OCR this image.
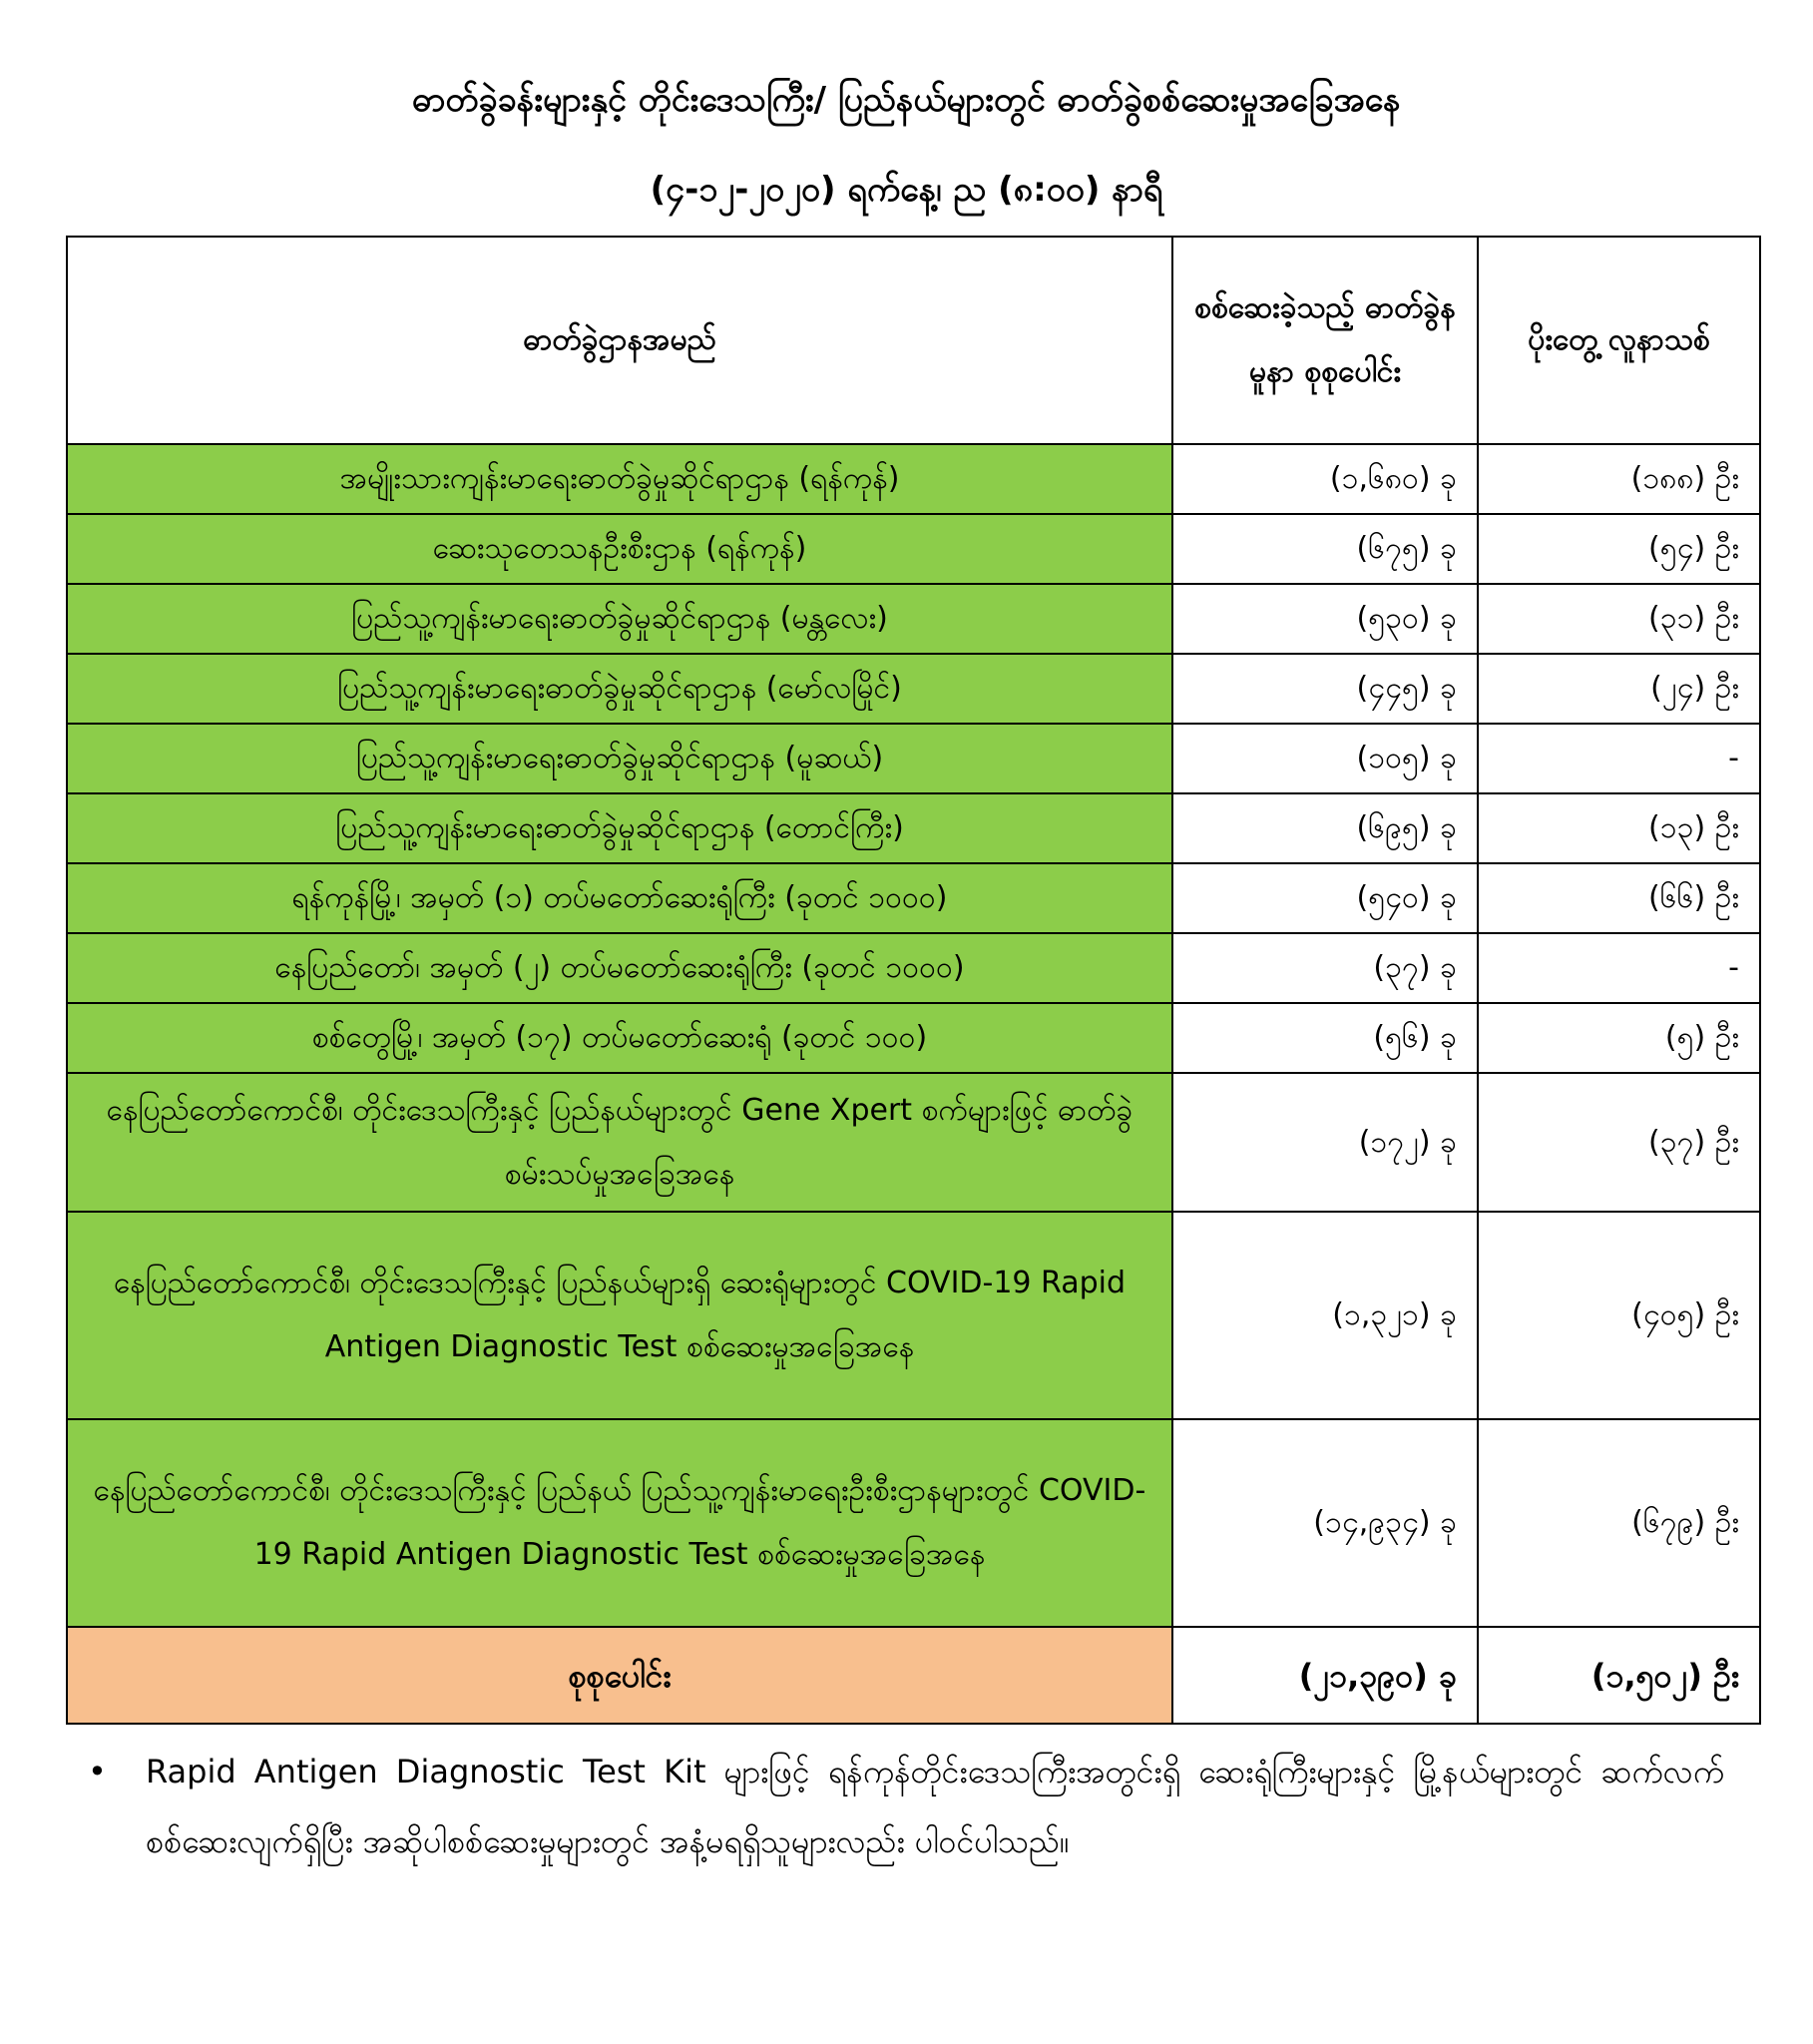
ဓာတ်ခွဲခန်းများနှင့် တိုင်းဒေသကြီး/ ပြည်နယ်များတွင် ဓာတ်ခွဲစစ်ဆေးမှုအခြေအနေ
(၄-၁၂-၂၀၂၀) ရက်နေ့၊ ည (၈:၀၀) နာရီ
ဓာတ်ခွဲဌာနအမည်	စစ်ဆေးခဲ့သည့် ဓာတ်ခွဲနမူနာ စုစုပေါင်း	ပိုးတွေ့ လူနာသစ်
အမျိုးသားကျန်းမာရေးဓာတ်ခွဲမှုဆိုင်ရာဌာန (ရန်ကုန်)	(၁,၆၈၀) ခု	(၁၈၈) ဦး
ဆေးသုတေသနဦးစီးဌာန (ရန်ကုန်)	(၆၇၅) ခု	(၅၄) ဦး
ပြည်သူ့ကျန်းမာရေးဓာတ်ခွဲမှုဆိုင်ရာဌာန (မန္တလေး)	(၅၃၀) ခု	(၃၁) ဦး
ပြည်သူ့ကျန်းမာရေးဓာတ်ခွဲမှုဆိုင်ရာဌာန (မော်လမြိုင်)	(၄၄၅) ခု	(၂၄) ဦး
ပြည်သူ့ကျန်းမာရေးဓာတ်ခွဲမှုဆိုင်ရာဌာန (မူဆယ်)	(၁၀၅) ခု	-
ပြည်သူ့ကျန်းမာရေးဓာတ်ခွဲမှုဆိုင်ရာဌာန (တောင်ကြီး)	(၆၉၅) ခု	(၁၃) ဦး
ရန်ကုန်မြို့၊ အမှတ် (၁) တပ်မတော်ဆေးရုံကြီး (ခုတင် ၁၀၀၀)	(၅၄၀) ခု	(၆၆) ဦး
နေပြည်တော်၊ အမှတ် (၂) တပ်မတော်ဆေးရုံကြီး (ခုတင် ၁၀၀၀)	(၃၇) ခု	-
စစ်တွေမြို့၊ အမှတ် (၁၇) တပ်မတော်ဆေးရုံ (ခုတင် ၁၀၀)	(၅၆) ခု	(၅) ဦး
နေပြည်တော်ကောင်စီ၊ တိုင်းဒေသကြီးနှင့် ပြည်နယ်များတွင် Gene Xpert စက်များဖြင့် ဓာတ်ခွဲစမ်းသပ်မှုအခြေအနေ	(၁၇၂) ခု	(၃၇) ဦး
နေပြည်တော်ကောင်စီ၊ တိုင်းဒေသကြီးနှင့် ပြည်နယ်များရှိ ဆေးရုံများတွင် COVID-19 Rapid Antigen Diagnostic Test စစ်ဆေးမှုအခြေအနေ	(၁,၃၂၁) ခု	(၄၀၅) ဦး
နေပြည်တော်ကောင်စီ၊ တိုင်းဒေသကြီးနှင့် ပြည်နယ် ပြည်သူ့ကျန်းမာရေးဦးစီးဌာနများတွင် COVID-19 Rapid Antigen Diagnostic Test စစ်ဆေးမှုအခြေအနေ	(၁၄,၉၃၄) ခု	(၆၇၉) ဦး
စုစုပေါင်း	(၂၁,၃၉၀) ခု	(၁,၅၀၂) ဦး
• Rapid Antigen Diagnostic Test Kit များဖြင့် ရန်ကုန်တိုင်းဒေသကြီးအတွင်းရှိ ဆေးရုံကြီးများနှင့် မြို့နယ်များတွင် ဆက်လက်စစ်ဆေးလျက်ရှိပြီး အဆိုပါစစ်ဆေးမှုများတွင် အနံ့မရရှိသူများလည်း ပါဝင်ပါသည်။
